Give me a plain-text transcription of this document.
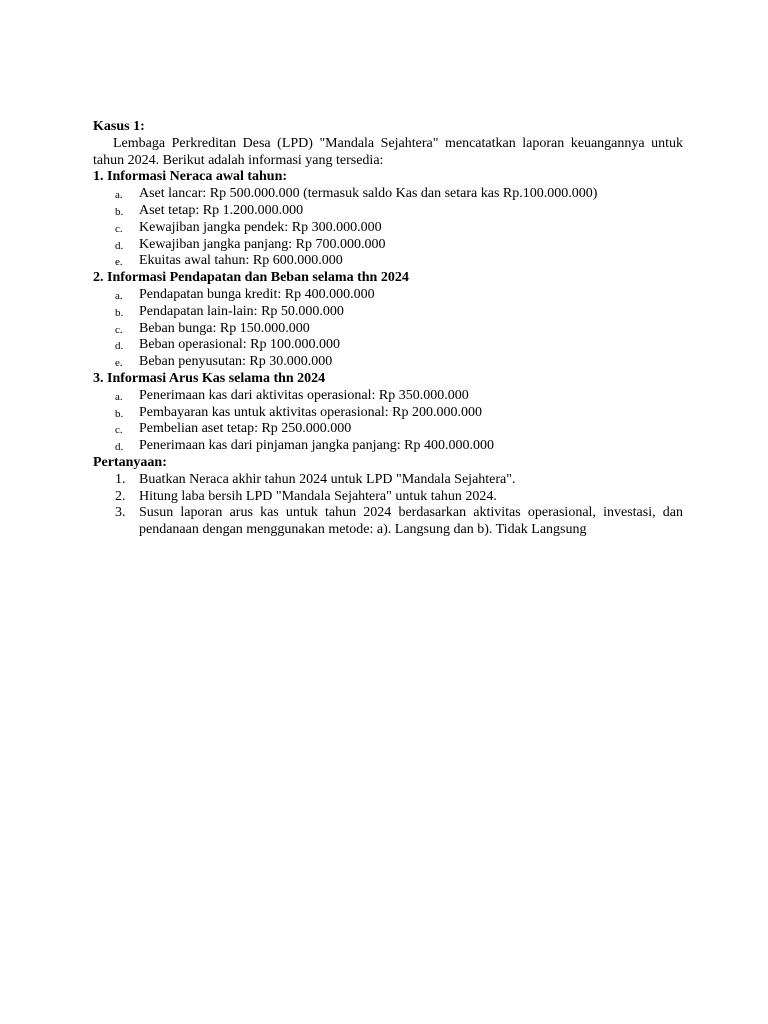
Kasus 1:
Lembaga Perkreditan Desa (LPD) "Mandala Sejahtera" mencatatkan laporan keuangannya untuk tahun 2024. Berikut adalah informasi yang tersedia:
1. Informasi Neraca awal tahun:
a. Aset lancar: Rp 500.000.000 (termasuk saldo Kas dan setara kas Rp.100.000.000)
b. Aset tetap: Rp 1.200.000.000
c. Kewajiban jangka pendek: Rp 300.000.000
d. Kewajiban jangka panjang: Rp 700.000.000
e. Ekuitas awal tahun: Rp 600.000.000
2. Informasi Pendapatan dan Beban selama thn 2024
a. Pendapatan bunga kredit: Rp 400.000.000
b. Pendapatan lain-lain: Rp 50.000.000
c. Beban bunga: Rp 150.000.000
d. Beban operasional: Rp 100.000.000
e. Beban penyusutan: Rp 30.000.000
3. Informasi Arus Kas selama thn 2024
a. Penerimaan kas dari aktivitas operasional: Rp 350.000.000
b. Pembayaran kas untuk aktivitas operasional: Rp 200.000.000
c. Pembelian aset tetap: Rp 250.000.000
d. Penerimaan kas dari pinjaman jangka panjang: Rp 400.000.000
Pertanyaan:
1. Buatkan Neraca akhir tahun 2024 untuk LPD "Mandala Sejahtera".
2. Hitung laba bersih LPD "Mandala Sejahtera" untuk tahun 2024.
3. Susun laporan arus kas untuk tahun 2024 berdasarkan aktivitas operasional, investasi, dan pendanaan dengan menggunakan metode: a). Langsung dan b). Tidak Langsung
